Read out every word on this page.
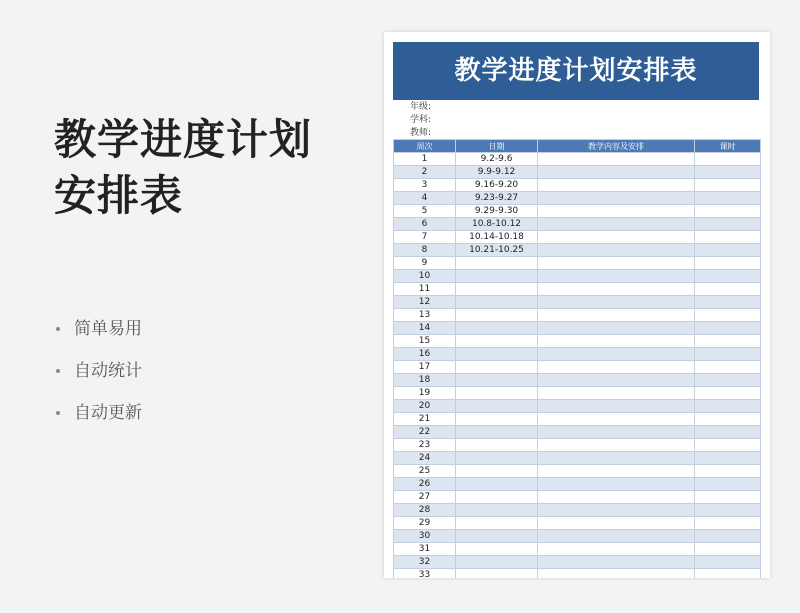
教学进度计划安排表
简单易用
自动统计
自动更新
教学进度计划安排表
年级:
学科:
教师:
周次	日期	教学内容及安排	课时
1	9.2-9.6		
2	9.9-9.12		
3	9.16-9.20		
4	9.23-9.27		
5	9.29-9.30		
6	10.8-10.12		
7	10.14-10.18		
8	10.21-10.25		
9			
10			
11			
12			
13			
14			
15			
16			
17			
18			
19			
20			
21			
22			
23			
24			
25			
26			
27			
28			
29			
30			
31			
32			
33			
